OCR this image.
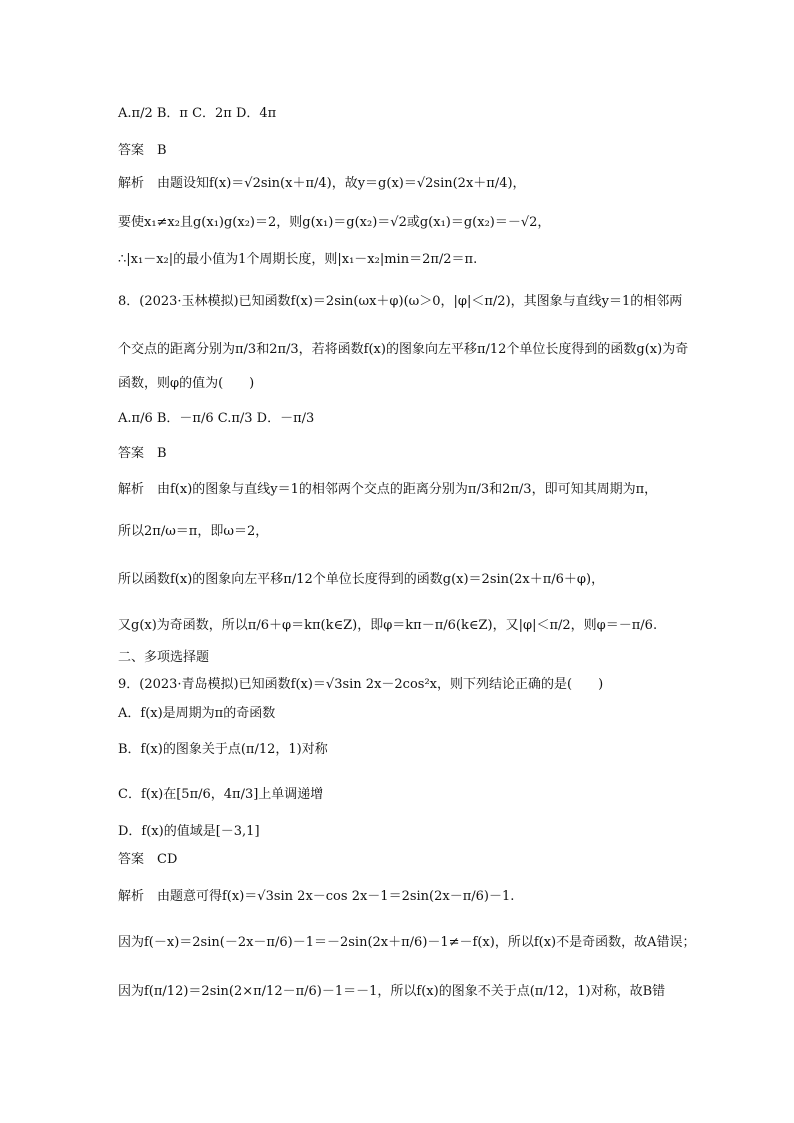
A.π/2 B．π C．2π D．4π
答案　B
解析　由题设知f(x)＝√2sin(x＋π/4)，故y＝g(x)＝√2sin(2x＋π/4)，
要使x₁≠x₂且g(x₁)g(x₂)＝2，则g(x₁)＝g(x₂)＝√2或g(x₁)＝g(x₂)＝－√2，
∴|x₁－x₂|的最小值为1个周期长度，则|x₁－x₂|min＝2π/2＝π.
8．(2023·玉林模拟)已知函数f(x)＝2sin(ωx＋φ)(ω＞0，|φ|＜π/2)，其图象与直线y＝1的相邻两
个交点的距离分别为π/3和2π/3，若将函数f(x)的图象向左平移π/12个单位长度得到的函数g(x)为奇
函数，则φ的值为(　　)
A.π/6 B．－π/6 C.π/3 D．－π/3
答案　B
解析　由f(x)的图象与直线y＝1的相邻两个交点的距离分别为π/3和2π/3，即可知其周期为π，
所以2π/ω＝π，即ω＝2，
所以函数f(x)的图象向左平移π/12个单位长度得到的函数g(x)＝2sin(2x＋π/6＋φ)，
又g(x)为奇函数，所以π/6＋φ＝kπ(k∈Z)，即φ＝kπ－π/6(k∈Z)，又|φ|＜π/2，则φ＝－π/6.
二、多项选择题
9．(2023·青岛模拟)已知函数f(x)＝√3sin 2x－2cos²x，则下列结论正确的是(　　)
A．f(x)是周期为π的奇函数
B．f(x)的图象关于点(π/12，1)对称
C．f(x)在[5π/6，4π/3]上单调递增
D．f(x)的值域是[－3,1]
答案　CD
解析　由题意可得f(x)＝√3sin 2x－cos 2x－1＝2sin(2x－π/6)－1.
因为f(－x)＝2sin(－2x－π/6)－1＝－2sin(2x＋π/6)－1≠－f(x)，所以f(x)不是奇函数，故A错误；
因为f(π/12)＝2sin(2×π/12－π/6)－1＝－1，所以f(x)的图象不关于点(π/12，1)对称，故B错
